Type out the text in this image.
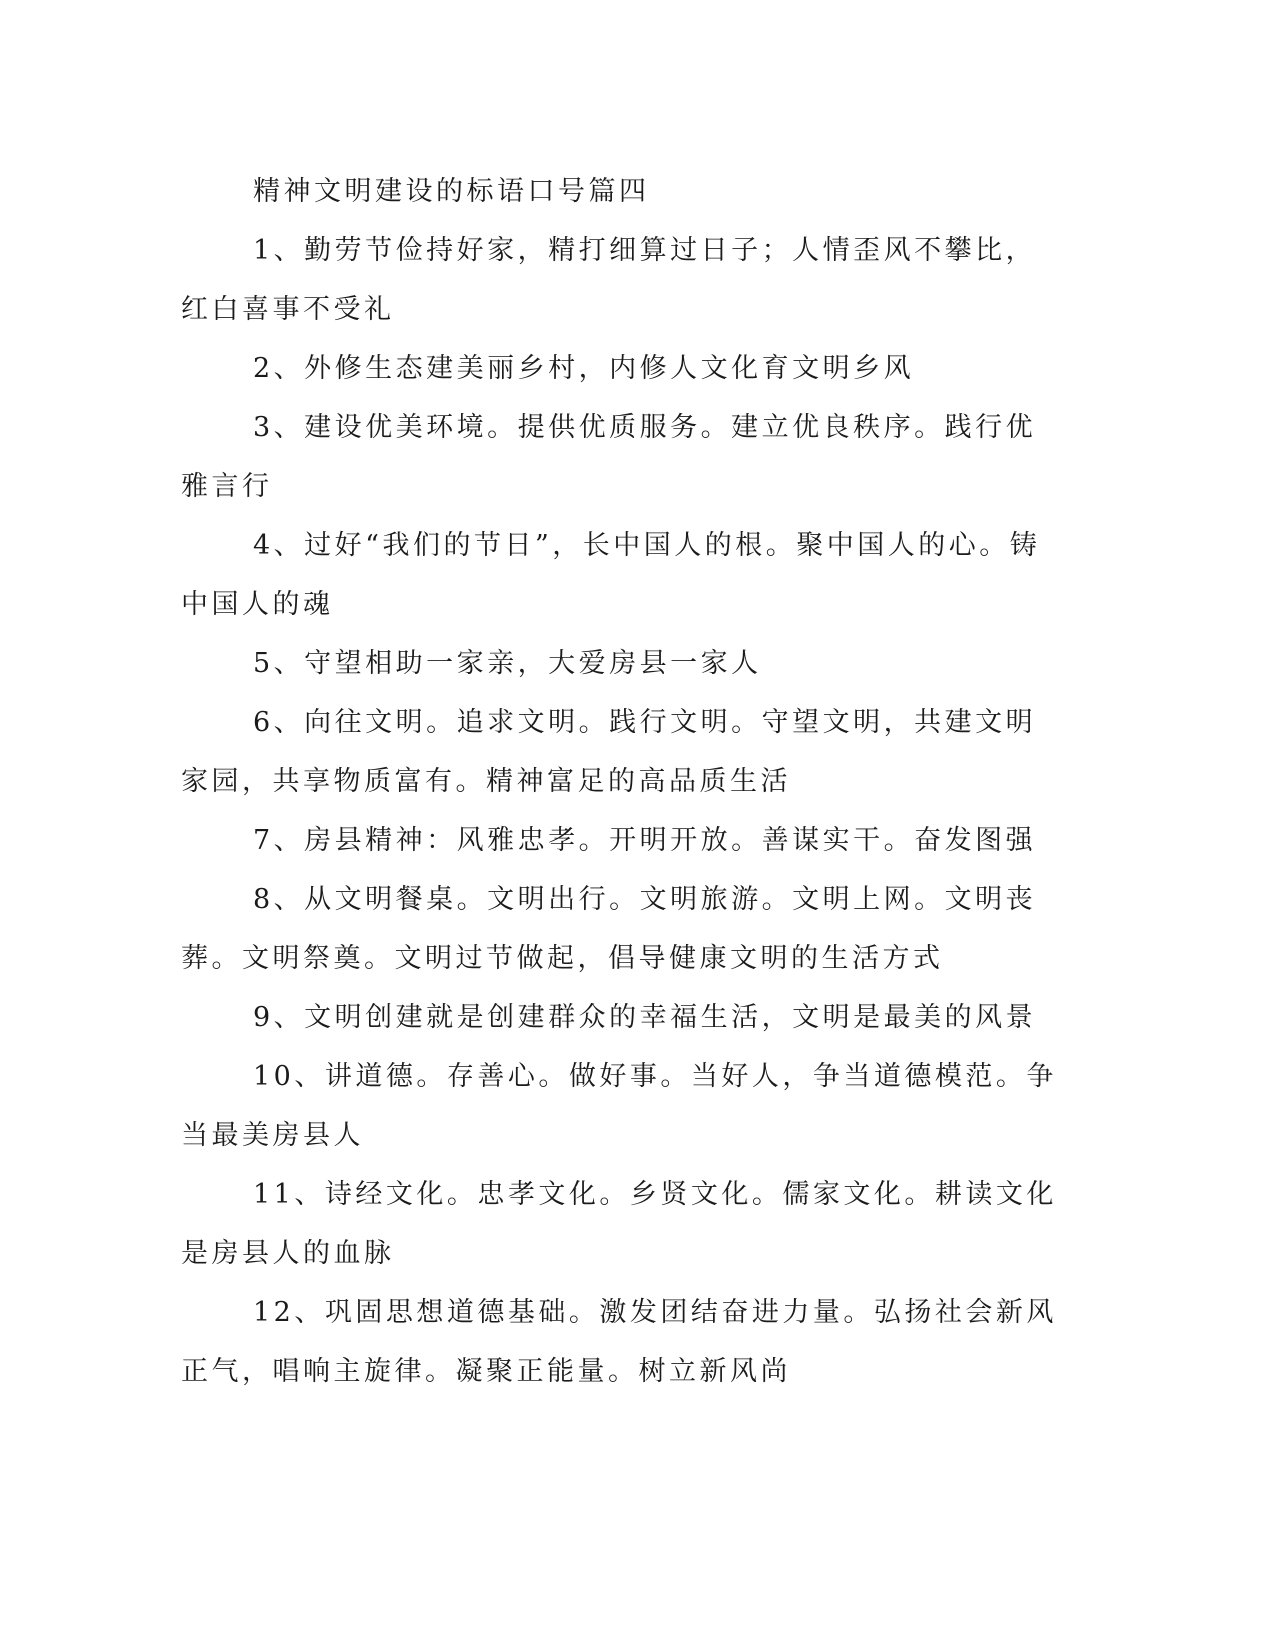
精神文明建设的标语口号篇四

1、勤劳节俭持好家，精打细算过日子；人情歪风不攀比，红白喜事不受礼

2、外修生态建美丽乡村，内修人文化育文明乡风

3、建设优美环境。提供优质服务。建立优良秩序。践行优雅言行

4、过好“我们的节日”，长中国人的根。聚中国人的心。铸中国人的魂

5、守望相助一家亲，大爱房县一家人

6、向往文明。追求文明。践行文明。守望文明，共建文明家园，共享物质富有。精神富足的高品质生活

7、房县精神：风雅忠孝。开明开放。善谋实干。奋发图强

8、从文明餐桌。文明出行。文明旅游。文明上网。文明丧葬。文明祭奠。文明过节做起，倡导健康文明的生活方式

9、文明创建就是创建群众的幸福生活，文明是最美的风景

10、讲道德。存善心。做好事。当好人，争当道德模范。争当最美房县人

11、诗经文化。忠孝文化。乡贤文化。儒家文化。耕读文化是房县人的血脉

12、巩固思想道德基础。激发团结奋进力量。弘扬社会新风正气，唱响主旋律。凝聚正能量。树立新风尚
